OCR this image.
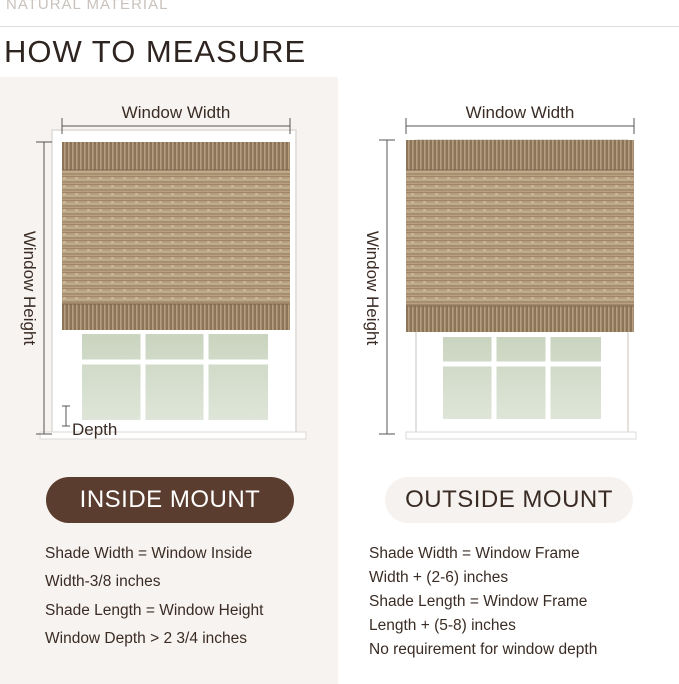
NATURAL MATERIAL
HOW TO MEASURE
Window Width
Window Height
Depth
Window Width
Window Height
INSIDE MOUNT	OUTSIDE MOUNT
Shade Width = Window Inside
Width-3/8 inches
Shade Length = Window Height
Window Depth > 2 3/4 inches
Shade Width = Window Frame
Width + (2-6) inches
Shade Length = Window Frame
Length + (5-8) inches
No requirement for window depth
